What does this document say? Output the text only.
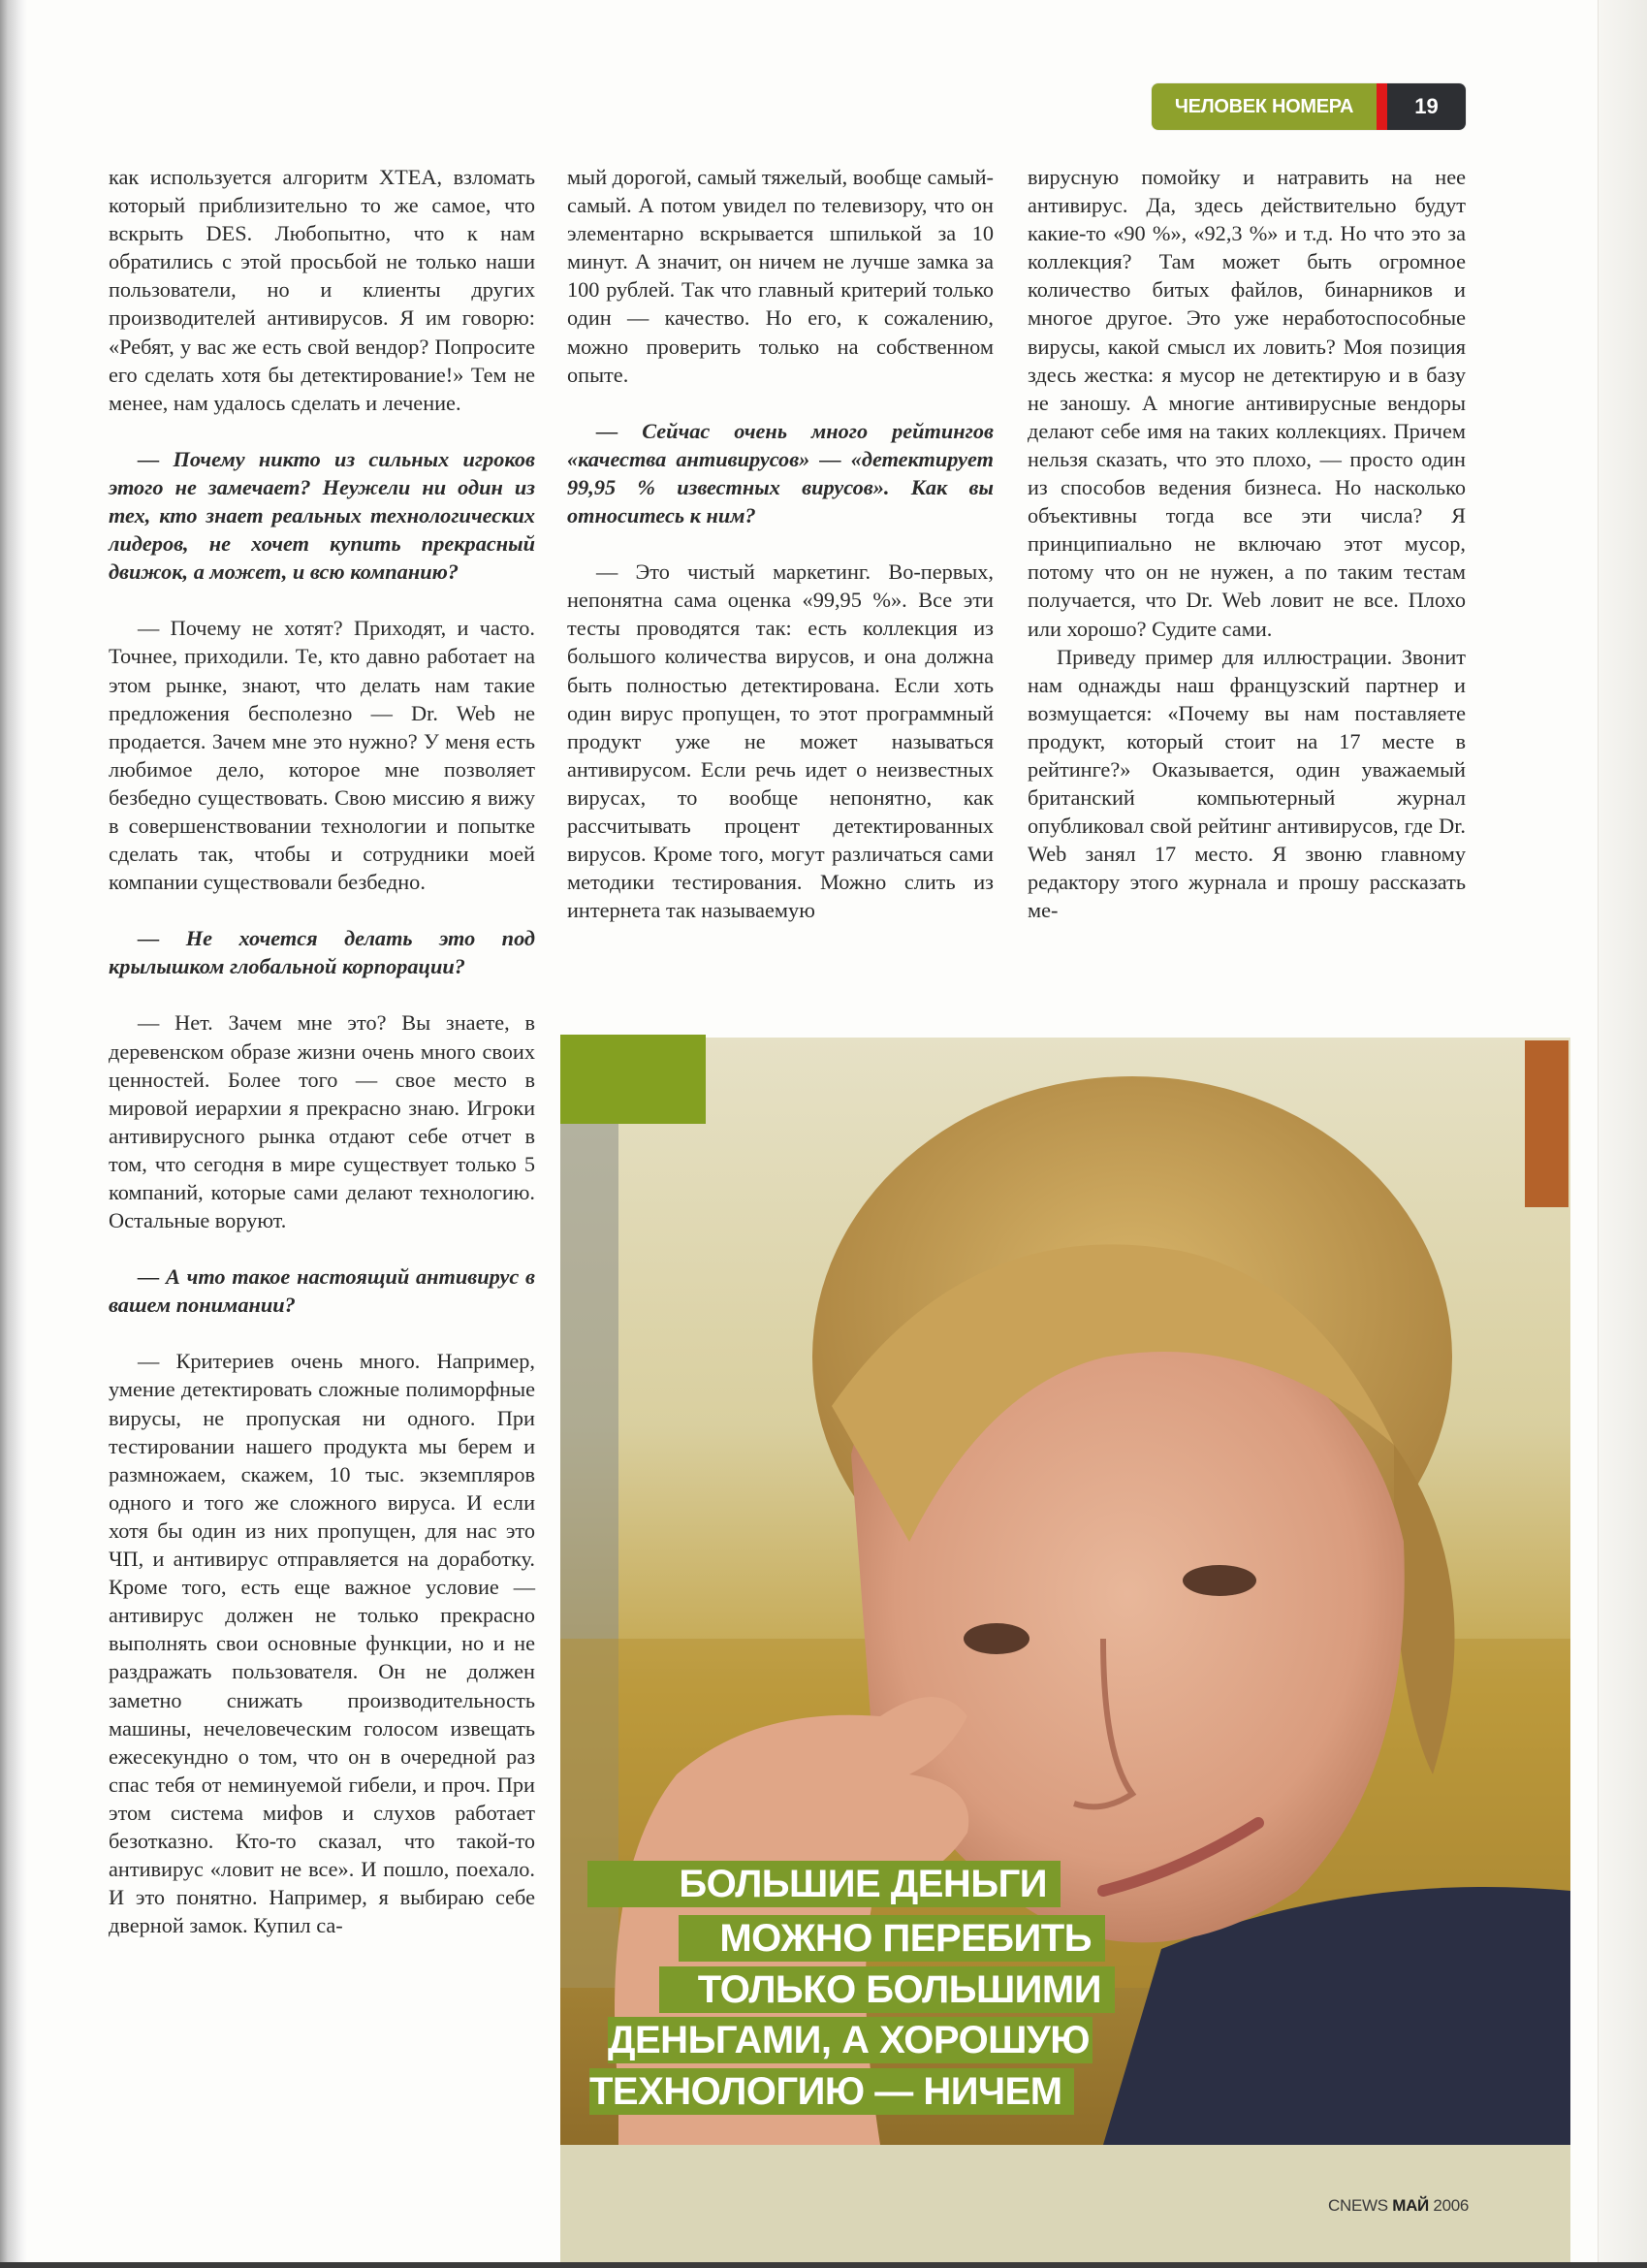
ЧЕЛОВЕК НОМЕРА	19

как используется алгоритм XTEA, взломать который приблизительно то же самое, что вскрыть DES. Любопытно, что к нам обратились с этой просьбой не только наши пользователи, но и клиенты других производителей антивирусов. Я им говорю: «Ребят, у вас же есть свой вендор? Попросите его сделать хотя бы детектирование!» Тем не менее, нам удалось сделать и лечение.

— Почему никто из сильных игроков этого не замечает? Неужели ни один из тех, кто знает реальных технологических лидеров, не хочет купить прекрасный движок, а может, и всю компанию?

— Почему не хотят? Приходят, и часто. Точнее, приходили. Те, кто давно работает на этом рынке, знают, что делать нам такие предложения бесполезно — Dr. Web не продается. Зачем мне это нужно? У меня есть любимое дело, которое мне позволяет безбедно существовать. Свою миссию я вижу в совершенствовании технологии и попытке сделать так, чтобы и сотрудники моей компании существовали безбедно.

— Не хочется делать это под крылышком глобальной корпорации?

— Нет. Зачем мне это? Вы знаете, в деревенском образе жизни очень много своих ценностей. Более того — свое место в мировой иерархии я прекрасно знаю. Игроки антивирусного рынка отдают себе отчет в том, что сегодня в мире существует только 5 компаний, которые сами делают технологию. Остальные воруют.

— А что такое настоящий антивирус в вашем понимании?

— Критериев очень много. Например, умение детектировать сложные полиморфные вирусы, не пропуская ни одного. При тестировании нашего продукта мы берем и размножаем, скажем, 10 тыс. экземпляров одного и того же сложного вируса. И если хотя бы один из них пропущен, для нас это ЧП, и антивирус отправляется на доработку. Кроме того, есть еще важное условие — антивирус должен не только прекрасно выполнять свои основные функции, но и не раздражать пользователя. Он не должен заметно снижать производительность машины, нечеловеческим голосом извещать ежесекундно о том, что он в очередной раз спас тебя от неминуемой гибели, и проч. При этом система мифов и слухов работает безотказно. Кто-то сказал, что такой-то антивирус «ловит не все». И пошло, поехало. И это понятно. Например, я выбираю себе дверной замок. Купил са-

мый дорогой, самый тяжелый, вообще самый-самый. А потом увидел по телевизору, что он элементарно вскрывается шпилькой за 10 минут. А значит, он ничем не лучше замка за 100 рублей. Так что главный критерий только один — качество. Но его, к сожалению, можно проверить только на собственном опыте.

— Сейчас очень много рейтингов «качества антивирусов» — «детектирует 99,95 % известных вирусов». Как вы относитесь к ним?

— Это чистый маркетинг. Во-первых, непонятна сама оценка «99,95 %». Все эти тесты проводятся так: есть коллекция из большого количества вирусов, и она должна быть полностью детектирована. Если хоть один вирус пропущен, то этот программный продукт уже не может называться антивирусом. Если речь идет о неизвестных вирусах, то вообще непонятно, как рассчитывать процент детектированных вирусов. Кроме того, могут различаться сами методики тестирования. Можно слить из интернета так называемую

вирусную помойку и натравить на нее антивирус. Да, здесь действительно будут какие-то «90 %», «92,3 %» и т.д. Но что это за коллекция? Там может быть огромное количество битых файлов, бинарников и многое другое. Это уже неработоспособные вирусы, какой смысл их ловить? Моя позиция здесь жестка: я мусор не детектирую и в базу не заношу. А многие антивирусные вендоры делают себе имя на таких коллекциях. Причем нельзя сказать, что это плохо, — просто один из способов ведения бизнеса. Но насколько объективны тогда все эти числа? Я принципиально не включаю этот мусор, потому что он не нужен, а по таким тестам получается, что Dr. Web ловит не все. Плохо или хорошо? Судите сами.

Приведу пример для иллюстрации. Звонит нам однажды наш французский партнер и возмущается: «Почему вы нам поставляете продукт, который стоит на 17 месте в рейтинге?» Оказывается, один уважаемый британский компьютерный журнал опубликовал свой рейтинг антивирусов, где Dr. Web занял 17 место. Я звоню главному редактору этого журнала и прошу рассказать ме-

БОЛЬШИЕ ДЕНЬГИ
МОЖНО ПЕРЕБИТЬ
ТОЛЬКО БОЛЬШИМИ
ДЕНЬГАМИ, А ХОРОШУЮ
ТЕХНОЛОГИЮ — НИЧЕМ
CNEWS МАЙ 2006
